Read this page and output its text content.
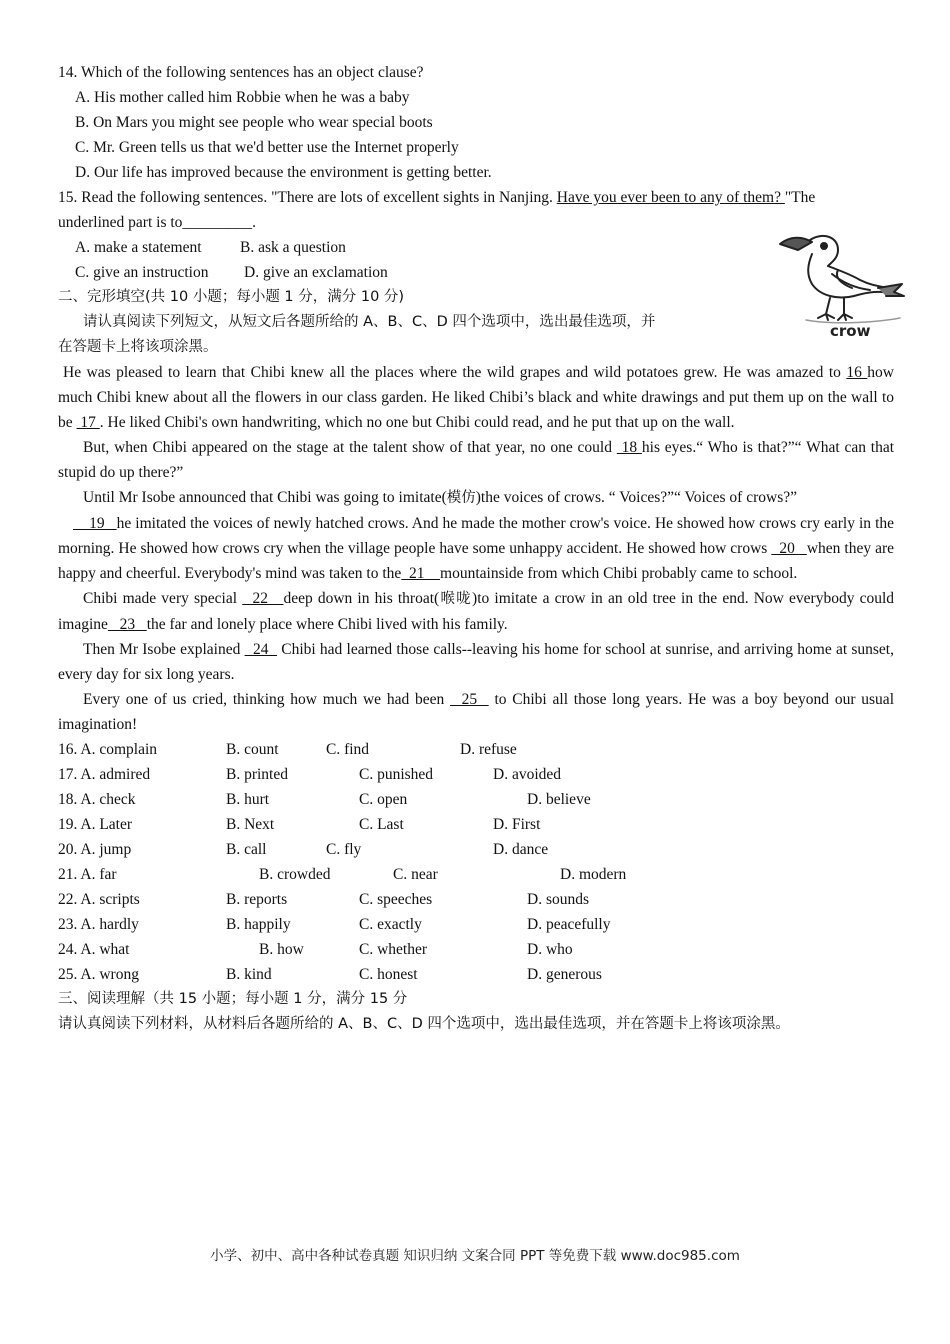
14. Which of the following sentences has an object clause?
A. His mother called him Robbie when he was a baby
B. On Mars you might see people who wear special boots
C. Mr. Green tells us that we'd better use the Internet properly
D. Our life has improved because the environment is getting better.
15. Read the following sentences. "There are lots of excellent sights in Nanjing. Have you ever been to any of them? "The
underlined part is to_________.
A. make a statement B. ask a question
C. give an instruction D. give an exclamation
二、完形填空(共 10 小题；每小题 1 分，满分 10 分)
请认真阅读下列短文，从短文后各题所给的 A、B、C、D 四个选项中，选出最佳选项，并
在答题卡上将该项涂黑。
He was pleased to learn that Chibi knew all the places where the wild grapes and wild potatoes grew. He was amazed to 16 how much Chibi knew about all the flowers in our class garden. He liked Chibi’s black and white drawings and put them up on the wall to be  17 . He liked Chibi's own handwriting, which no one but Chibi could read, and he put that up on the wall.
But, when Chibi appeared on the stage at the talent show of that year, no one could  18 his eyes.“ Who is that?”“ What can that stupid do up there?”
Until Mr Isobe announced that Chibi was going to imitate(模仿)the voices of crows. “ Voices?”“ Voices of crows?”
19   he imitated the voices of newly hatched crows. And he made the mother crow's voice. He showed how crows cry early in the morning. He showed how crows cry when the village people have some unhappy accident. He showed how crows   20   when they are happy and cheerful. Everybody's mind was taken to the  21    mountainside from which Chibi probably came to school.
Chibi made very special   22   deep down in his throat(喉咙)to imitate a crow in an old tree in the end. Now everybody could imagine   23   the far and lonely place where Chibi lived with his family.
Then Mr Isobe explained   24   Chibi had learned those calls--leaving his home for school at sunrise, and arriving home at sunset, every day for six long years.
Every one of us cried, thinking how much we had been   25   to Chibi all those long years. He was a boy beyond our usual imagination!
16. A. complain	B. count	C. find	D. refuse
17. A. admired	B. printed	C. punished	D. avoided
18. A. check	B. hurt	C. open	D. believe
19. A. Later	B. Next	C. Last	D. First
20. A. jump	B. call	C. fly	D. dance
21. A. far	B. crowded	C. near	D. modern
22. A. scripts	B. reports	C. speeches	D. sounds
23. A. hardly	B. happily	C. exactly	D. peacefully
24. A. what	B. how	C. whether	D. who
25. A. wrong	B. kind	C. honest	D. generous
三、阅读理解（共 15 小题；每小题 1 分，满分 15 分
请认真阅读下列材料，从材料后各题所给的 A、B、C、D 四个选项中，选出最佳选项，并在答题卡上将该项涂黑。
crow
小学、初中、高中各种试卷真题 知识归纳 文案合同 PPT 等免费下载 www.doc985.com
